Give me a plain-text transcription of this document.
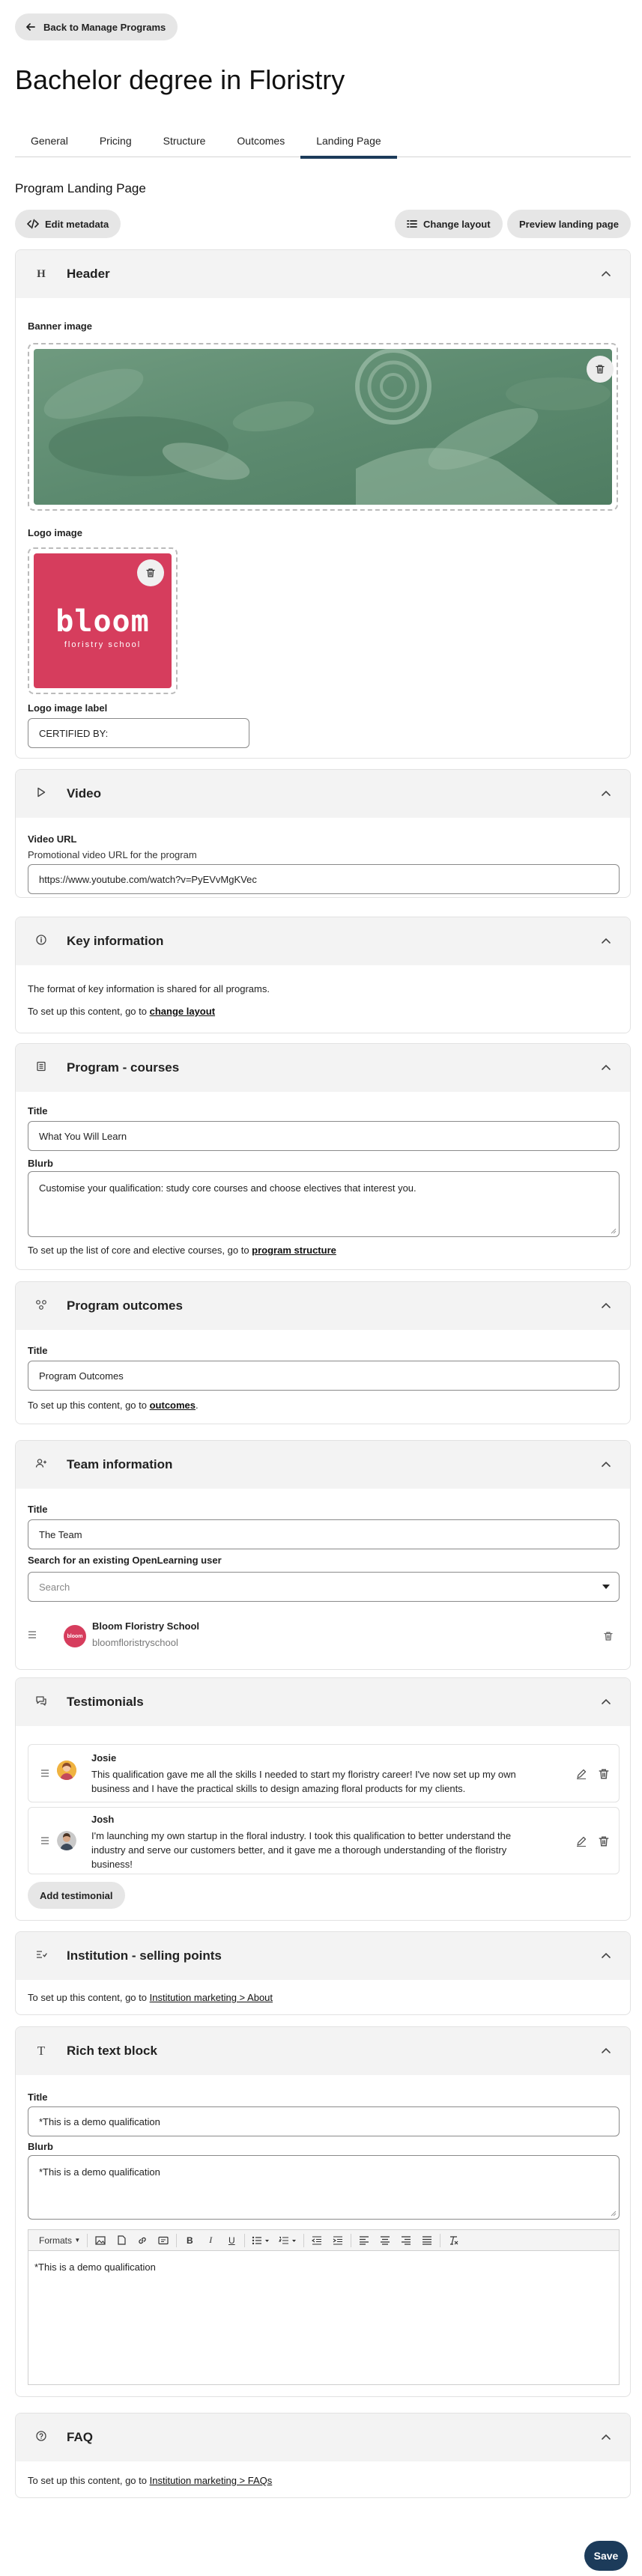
Back to Manage Programs
Bachelor degree in Floristry
General	Pricing	Structure	Outcomes	Landing Page
Program Landing Page
Edit metadata	Change layout	Preview landing page
H Header
Banner image
Logo image
bloom
floristry school
Logo image label
CERTIFIED BY:
Video
Video URL
Promotional video URL for the program
https://www.youtube.com/watch?v=PyEVvMgKVec
Key information
The format of key information is shared for all programs.
To set up this content, go to change layout
Program - courses
Title
What You Will Learn
Blurb
Customise your qualification: study core courses and choose electives that interest you.
To set up the list of core and elective courses, go to program structure
Program outcomes
Title
Program Outcomes
To set up this content, go to outcomes.
Team information
Title
The Team
Search for an existing OpenLearning user
Search
bloom
Bloom Floristry School
bloomfloristryschool
Testimonials
Josie
This qualification gave me all the skills I needed to start my floristry career! I've now set up my own business and I have the practical skills to design amazing floral products for my clients.
Josh
I'm launching my own startup in the floral industry. I took this qualification to better understand the industry and serve our customers better, and it gave me a thorough understanding of the floristry business!
Add testimonial
Institution - selling points
To set up this content, go to Institution marketing > About
T Rich text block
Title
*This is a demo qualification
Blurb
*This is a demo qualification
Formats
▼	B	I	U
*This is a demo qualification
FAQ
To set up this content, go to Institution marketing > FAQs
Save
